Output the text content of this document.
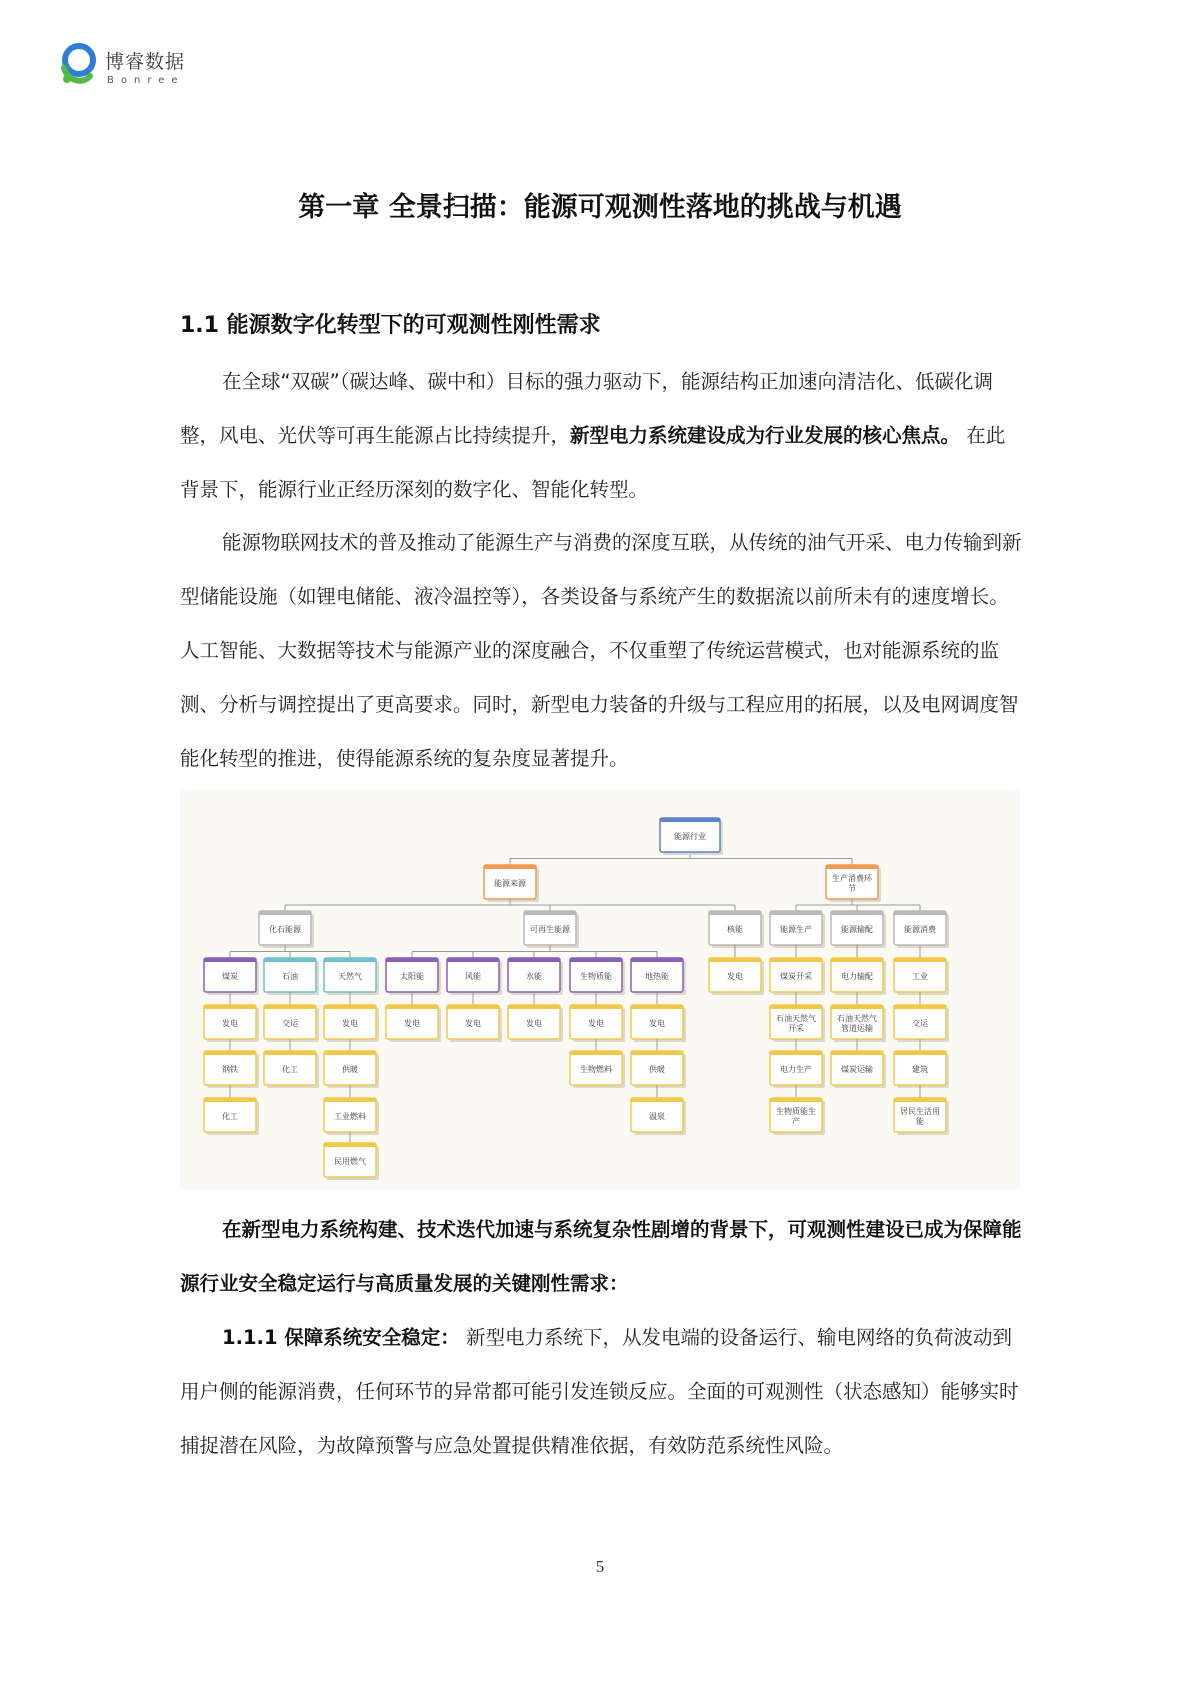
博睿数据
Bonree
第一章 全景扫描：能源可观测性落地的挑战与机遇
1.1 能源数字化转型下的可观测性刚性需求

在全球“双碳”（碳达峰、碳中和）目标的强力驱动下，能源结构正加速向清洁化、低碳化调整，风电、光伏等可再生能源占比持续提升，新型电力系统建设成为行业发展的核心焦点。 在此背景下，能源行业正经历深刻的数字化、智能化转型。

能源物联网技术的普及推动了能源生产与消费的深度互联，从传统的油气开采、电力传输到新型储能设施（如锂电储能、液冷温控等），各类设备与系统产生的数据流以前所未有的速度增长。人工智能、大数据等技术与能源产业的深度融合，不仅重塑了传统运营模式，也对能源系统的监测、分析与调控提出了更高要求。同时，新型电力装备的升级与工程应用的拓展，以及电网调度智能化转型的推进，使得能源系统的复杂度显著提升。

能源行业
能源来源
生产消费环
节
化石能源	可再生能源	核能	能源生产	能源输配	能源消费
煤炭	石油	天然气	太阳能	风能	水能	生物质能	地热能	发电	煤炭开采	电力输配	工业
发电
钢铁
化工
交运
化工
发电
供暖
工业燃料
民用燃气
发电	发电	发电	发电
生物燃料
发电
供暖
温泉
石油天然气
开采
电力生产
生物质能生
产
石油天然气
管道运输
煤炭运输
交运
建筑
居民生活用
能

在新型电力系统构建、技术迭代加速与系统复杂性剧增的背景下，可观测性建设已成为保障能源行业安全稳定运行与高质量发展的关键刚性需求：

1.1.1 保障系统安全稳定： 新型电力系统下，从发电端的设备运行、输电网络的负荷波动到用户侧的能源消费，任何环节的异常都可能引发连锁反应。全面的可观测性（状态感知）能够实时捕捉潜在风险，为故障预警与应急处置提供精准依据，有效防范系统性风险。

5
